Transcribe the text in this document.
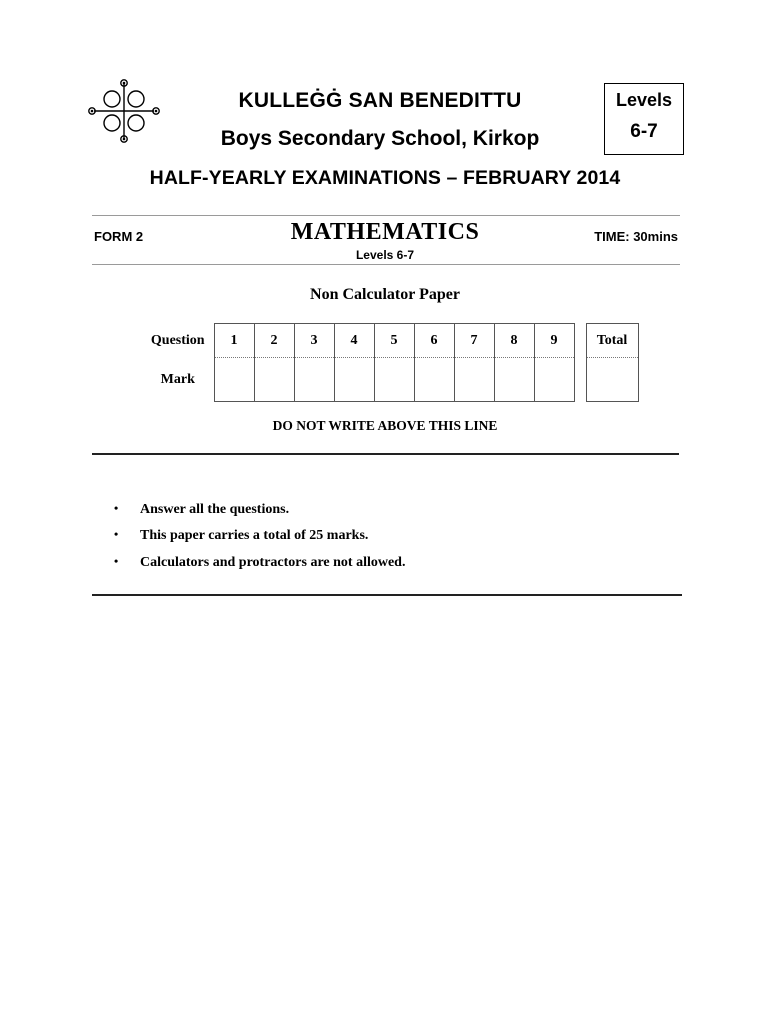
KULLEĠĠ SAN BENEDITTU
Boys Secondary School, Kirkop
Levels
6-7
HALF-YEARLY EXAMINATIONS – FEBRUARY 2014
FORM 2	MATHEMATICS
Levels 6-7
TIME: 30mins
Non Calculator Paper
Question	1	2	3	4	5	6	7	8	9		Total
Mark											
DO NOT WRITE ABOVE THIS LINE
• Answer all the questions.
• This paper carries a total of 25 marks.
• Calculators and protractors are not allowed.
